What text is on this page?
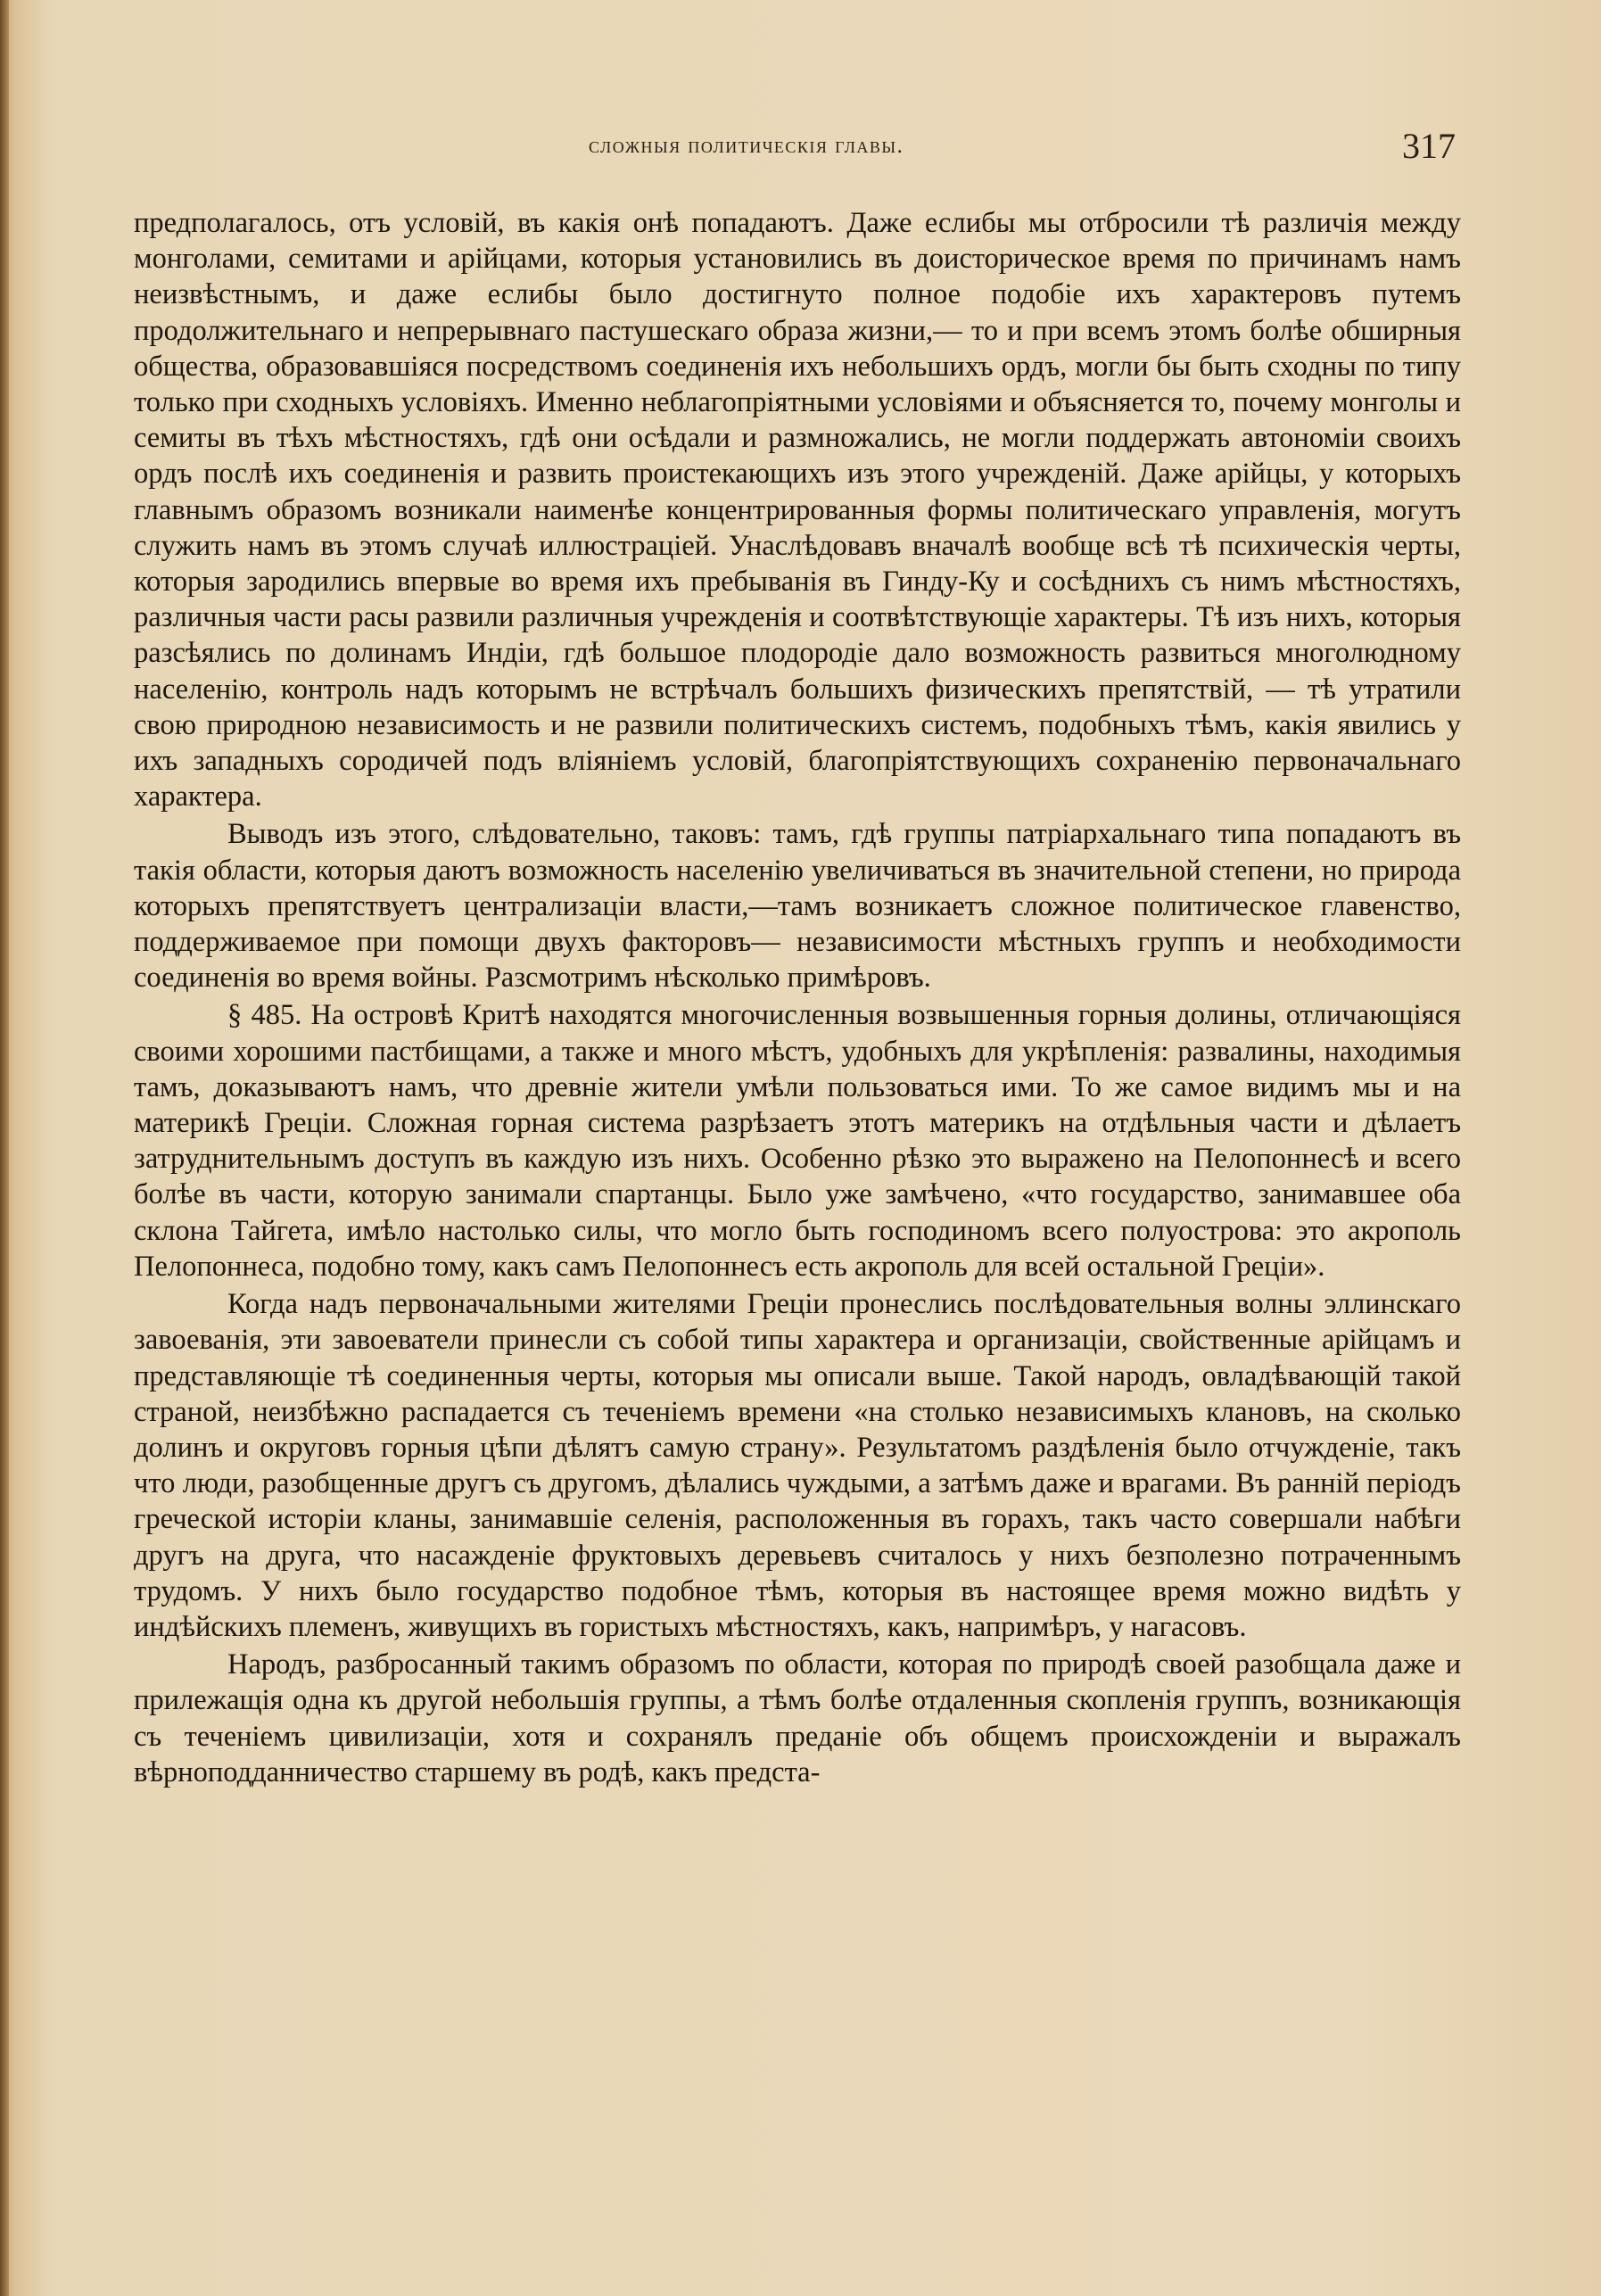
сложныя политическія главы.	317

предполагалось, отъ условій, въ какія онѣ попадаютъ. Даже еслибы мы отбросили тѣ различія между монголами, семитами и арійцами, которыя установились въ доисторическое время по причинамъ намъ неизвѣстнымъ, и даже еслибы было достигнуто полное подобіе ихъ характеровъ путемъ продолжительнаго и непрерывнаго пастушескаго образа жизни,— то и при всемъ этомъ болѣе обширныя общества, образовавшіяся посредствомъ соединенія ихъ небольшихъ ордъ, могли бы быть сходны по типу только при сходныхъ условіяхъ. Именно неблагопріятными условіями и объясняется то, почему монголы и семиты въ тѣхъ мѣстностяхъ, гдѣ они осѣдали и размножались, не могли поддержать автономіи своихъ ордъ послѣ ихъ соединенія и развить проистекающихъ изъ этого учрежденій. Даже арійцы, у которыхъ главнымъ образомъ возникали наименѣе концентрированныя формы политическаго управленія, могутъ служить намъ въ этомъ случаѣ иллюстраціей. Унаслѣдовавъ вначалѣ вообще всѣ тѣ психическія черты, которыя зародились впервые во время ихъ пребыванія въ Гинду-Ку и сосѣднихъ съ нимъ мѣстностяхъ, различныя части расы развили различныя учрежденія и соотвѣтствующіе характеры. Тѣ изъ нихъ, которыя разсѣялись по долинамъ Индіи, гдѣ большое плодородіе дало возможность развиться многолюдному населенію, контроль надъ которымъ не встрѣчалъ большихъ физическихъ препятствій, — тѣ утратили свою природною независимость и не развили политическихъ системъ, подобныхъ тѣмъ, какія явились у ихъ западныхъ сородичей подъ вліяніемъ условій, благопріятствующихъ сохраненію первоначальнаго характера.

Выводъ изъ этого, слѣдовательно, таковъ: тамъ, гдѣ группы патріархальнаго типа попадаютъ въ такія области, которыя даютъ возможность населенію увеличиваться въ значительной степени, но природа которыхъ препятствуетъ централизаціи власти,—тамъ возникаетъ сложное политическое главенство, поддерживаемое при помощи двухъ факторовъ— независимости мѣстныхъ группъ и необходимости соединенія во время войны. Разсмотримъ нѣсколько примѣровъ.

§ 485. На островѣ Критѣ находятся многочисленныя возвышенныя горныя долины, отличающіяся своими хорошими пастбищами, а также и много мѣстъ, удобныхъ для укрѣпленія: развалины, находимыя тамъ, доказываютъ намъ, что древніе жители умѣли пользоваться ими. То же самое видимъ мы и на материкѣ Греціи. Сложная горная система разрѣзаетъ этотъ материкъ на отдѣльныя части и дѣлаетъ затруднительнымъ доступъ въ каждую изъ нихъ. Особенно рѣзко это выражено на Пелопоннесѣ и всего болѣе въ части, которую занимали спартанцы. Было уже замѣчено, «что государство, занимавшее оба склона Тайгета, имѣло настолько силы, что могло быть господиномъ всего полуострова: это акрополь Пелопоннеса, подобно тому, какъ самъ Пелопоннесъ есть акрополь для всей остальной Греціи».

Когда надъ первоначальными жителями Греціи пронеслись послѣдовательныя волны эллинскаго завоеванія, эти завоеватели принесли съ собой типы характера и организаціи, свойственные арійцамъ и представляющіе тѣ соединенныя черты, которыя мы описали выше. Такой народъ, овладѣвающій такой страной, неизбѣжно распадается съ теченіемъ времени «на столько независимыхъ клановъ, на сколько долинъ и округовъ горныя цѣпи дѣлятъ самую страну». Результатомъ раздѣленія было отчужденіе, такъ что люди, разобщенные другъ съ другомъ, дѣлались чуждыми, а затѣмъ даже и врагами. Въ ранній періодъ греческой исторіи кланы, занимавшіе селенія, расположенныя въ горахъ, такъ часто совершали набѣги другъ на друга, что насажденіе фруктовыхъ деревьевъ считалось у нихъ безполезно потраченнымъ трудомъ. У нихъ было государство подобное тѣмъ, которыя въ настоящее время можно видѣть у индѣйскихъ племенъ, живущихъ въ гористыхъ мѣстностяхъ, какъ, напримѣръ, у нагасовъ.

Народъ, разбросанный такимъ образомъ по области, которая по природѣ своей разобщала даже и прилежащія одна къ другой небольшія группы, а тѣмъ болѣе отдаленныя скопленія группъ, возникающія съ теченіемъ цивилизаціи, хотя и сохранялъ преданіе объ общемъ происхожденіи и выражалъ вѣрноподданничество старшему въ родѣ, какъ предста-
